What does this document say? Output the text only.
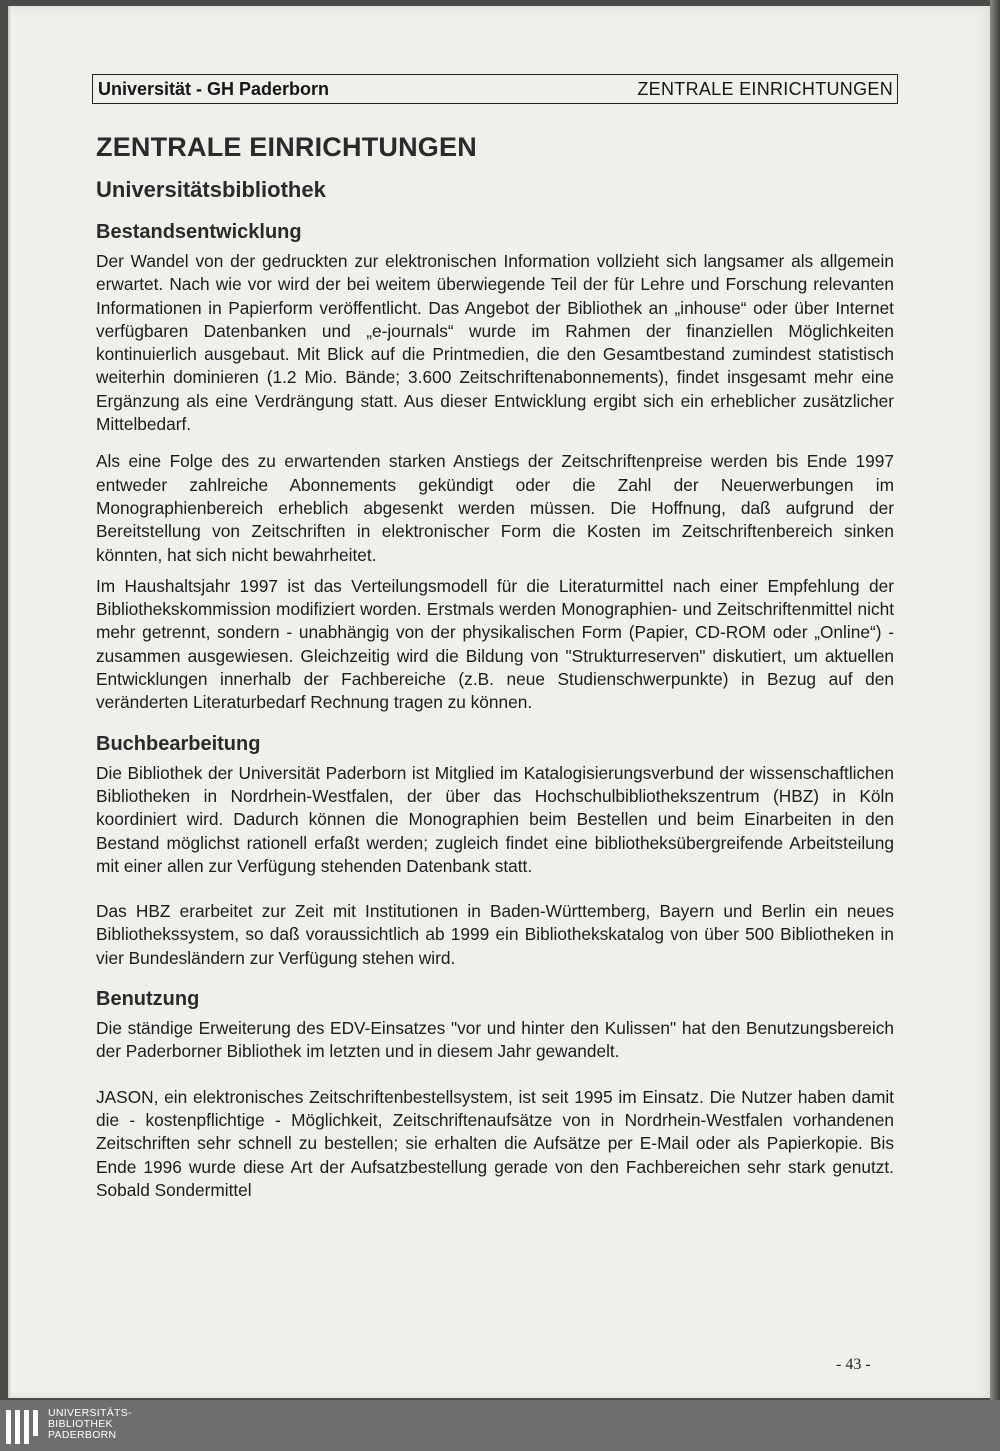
Universität - GH Paderborn	ZENTRALE EINRICHTUNGEN
ZENTRALE EINRICHTUNGEN
Universitätsbibliothek
Bestandsentwicklung

Der Wandel von der gedruckten zur elektronischen Information vollzieht sich langsamer als allgemein erwartet. Nach wie vor wird der bei weitem überwiegende Teil der für Lehre und Forschung relevanten Informationen in Papierform veröffentlicht. Das Angebot der Bibliothek an „inhouse“ oder über Internet verfügbaren Datenbanken und „e-journals“ wurde im Rahmen der finanziellen Möglichkeiten kontinuierlich ausgebaut. Mit Blick auf die Printmedien, die den Gesamtbestand zumindest statistisch weiterhin dominieren (1.2 Mio. Bände; 3.600 Zeitschriftenabonnements), findet insgesamt mehr eine Ergänzung als eine Verdrängung statt. Aus dieser Entwicklung ergibt sich ein erheblicher zusätzlicher Mittelbedarf.

Als eine Folge des zu erwartenden starken Anstiegs der Zeitschriftenpreise werden bis Ende 1997 entweder zahlreiche Abonnements gekündigt oder die Zahl der Neuerwerbungen im Monographienbereich erheblich abgesenkt werden müssen. Die Hoffnung, daß aufgrund der Bereitstellung von Zeitschriften in elektronischer Form die Kosten im Zeitschriftenbereich sinken könnten, hat sich nicht bewahrheitet.

Im Haushaltsjahr 1997 ist das Verteilungsmodell für die Literaturmittel nach einer Empfehlung der Bibliothekskommission modifiziert worden. Erstmals werden Monographien- und Zeitschriftenmittel nicht mehr getrennt, sondern - unabhängig von der physikalischen Form (Papier, CD-ROM oder „Online“) - zusammen ausgewiesen. Gleichzeitig wird die Bildung von "Strukturreserven" diskutiert, um aktuellen Entwicklungen innerhalb der Fachbereiche (z.B. neue Studienschwerpunkte) in Bezug auf den veränderten Literaturbedarf Rechnung tragen zu können.

Buchbearbeitung

Die Bibliothek der Universität Paderborn ist Mitglied im Katalogisierungsverbund der wissenschaftlichen Bibliotheken in Nordrhein-Westfalen, der über das Hochschulbibliothekszentrum (HBZ) in Köln koordiniert wird. Dadurch können die Monographien beim Bestellen und beim Einarbeiten in den Bestand möglichst rationell erfaßt werden; zugleich findet eine bibliotheksübergreifende Arbeitsteilung mit einer allen zur Verfügung stehenden Datenbank statt.

Das HBZ erarbeitet zur Zeit mit Institutionen in Baden-Württemberg, Bayern und Berlin ein neues Bibliothekssystem, so daß voraussichtlich ab 1999 ein Bibliothekskatalog von über 500 Bibliotheken in vier Bundesländern zur Verfügung stehen wird.

Benutzung

Die ständige Erweiterung des EDV-Einsatzes "vor und hinter den Kulissen" hat den Benutzungsbereich der Paderborner Bibliothek im letzten und in diesem Jahr gewandelt.

JASON, ein elektronisches Zeitschriftenbestellsystem, ist seit 1995 im Einsatz. Die Nutzer haben damit die - kostenpflichtige - Möglichkeit, Zeitschriftenaufsätze von in Nordrhein-Westfalen vorhandenen Zeitschriften sehr schnell zu bestellen; sie erhalten die Aufsätze per E-Mail oder als Papierkopie. Bis Ende 1996 wurde diese Art der Aufsatzbestellung gerade von den Fachbereichen sehr stark genutzt. Sobald Sondermittel

- 43 -
UNIVERSITÄTS-
BIBLIOTHEK
PADERBORN
